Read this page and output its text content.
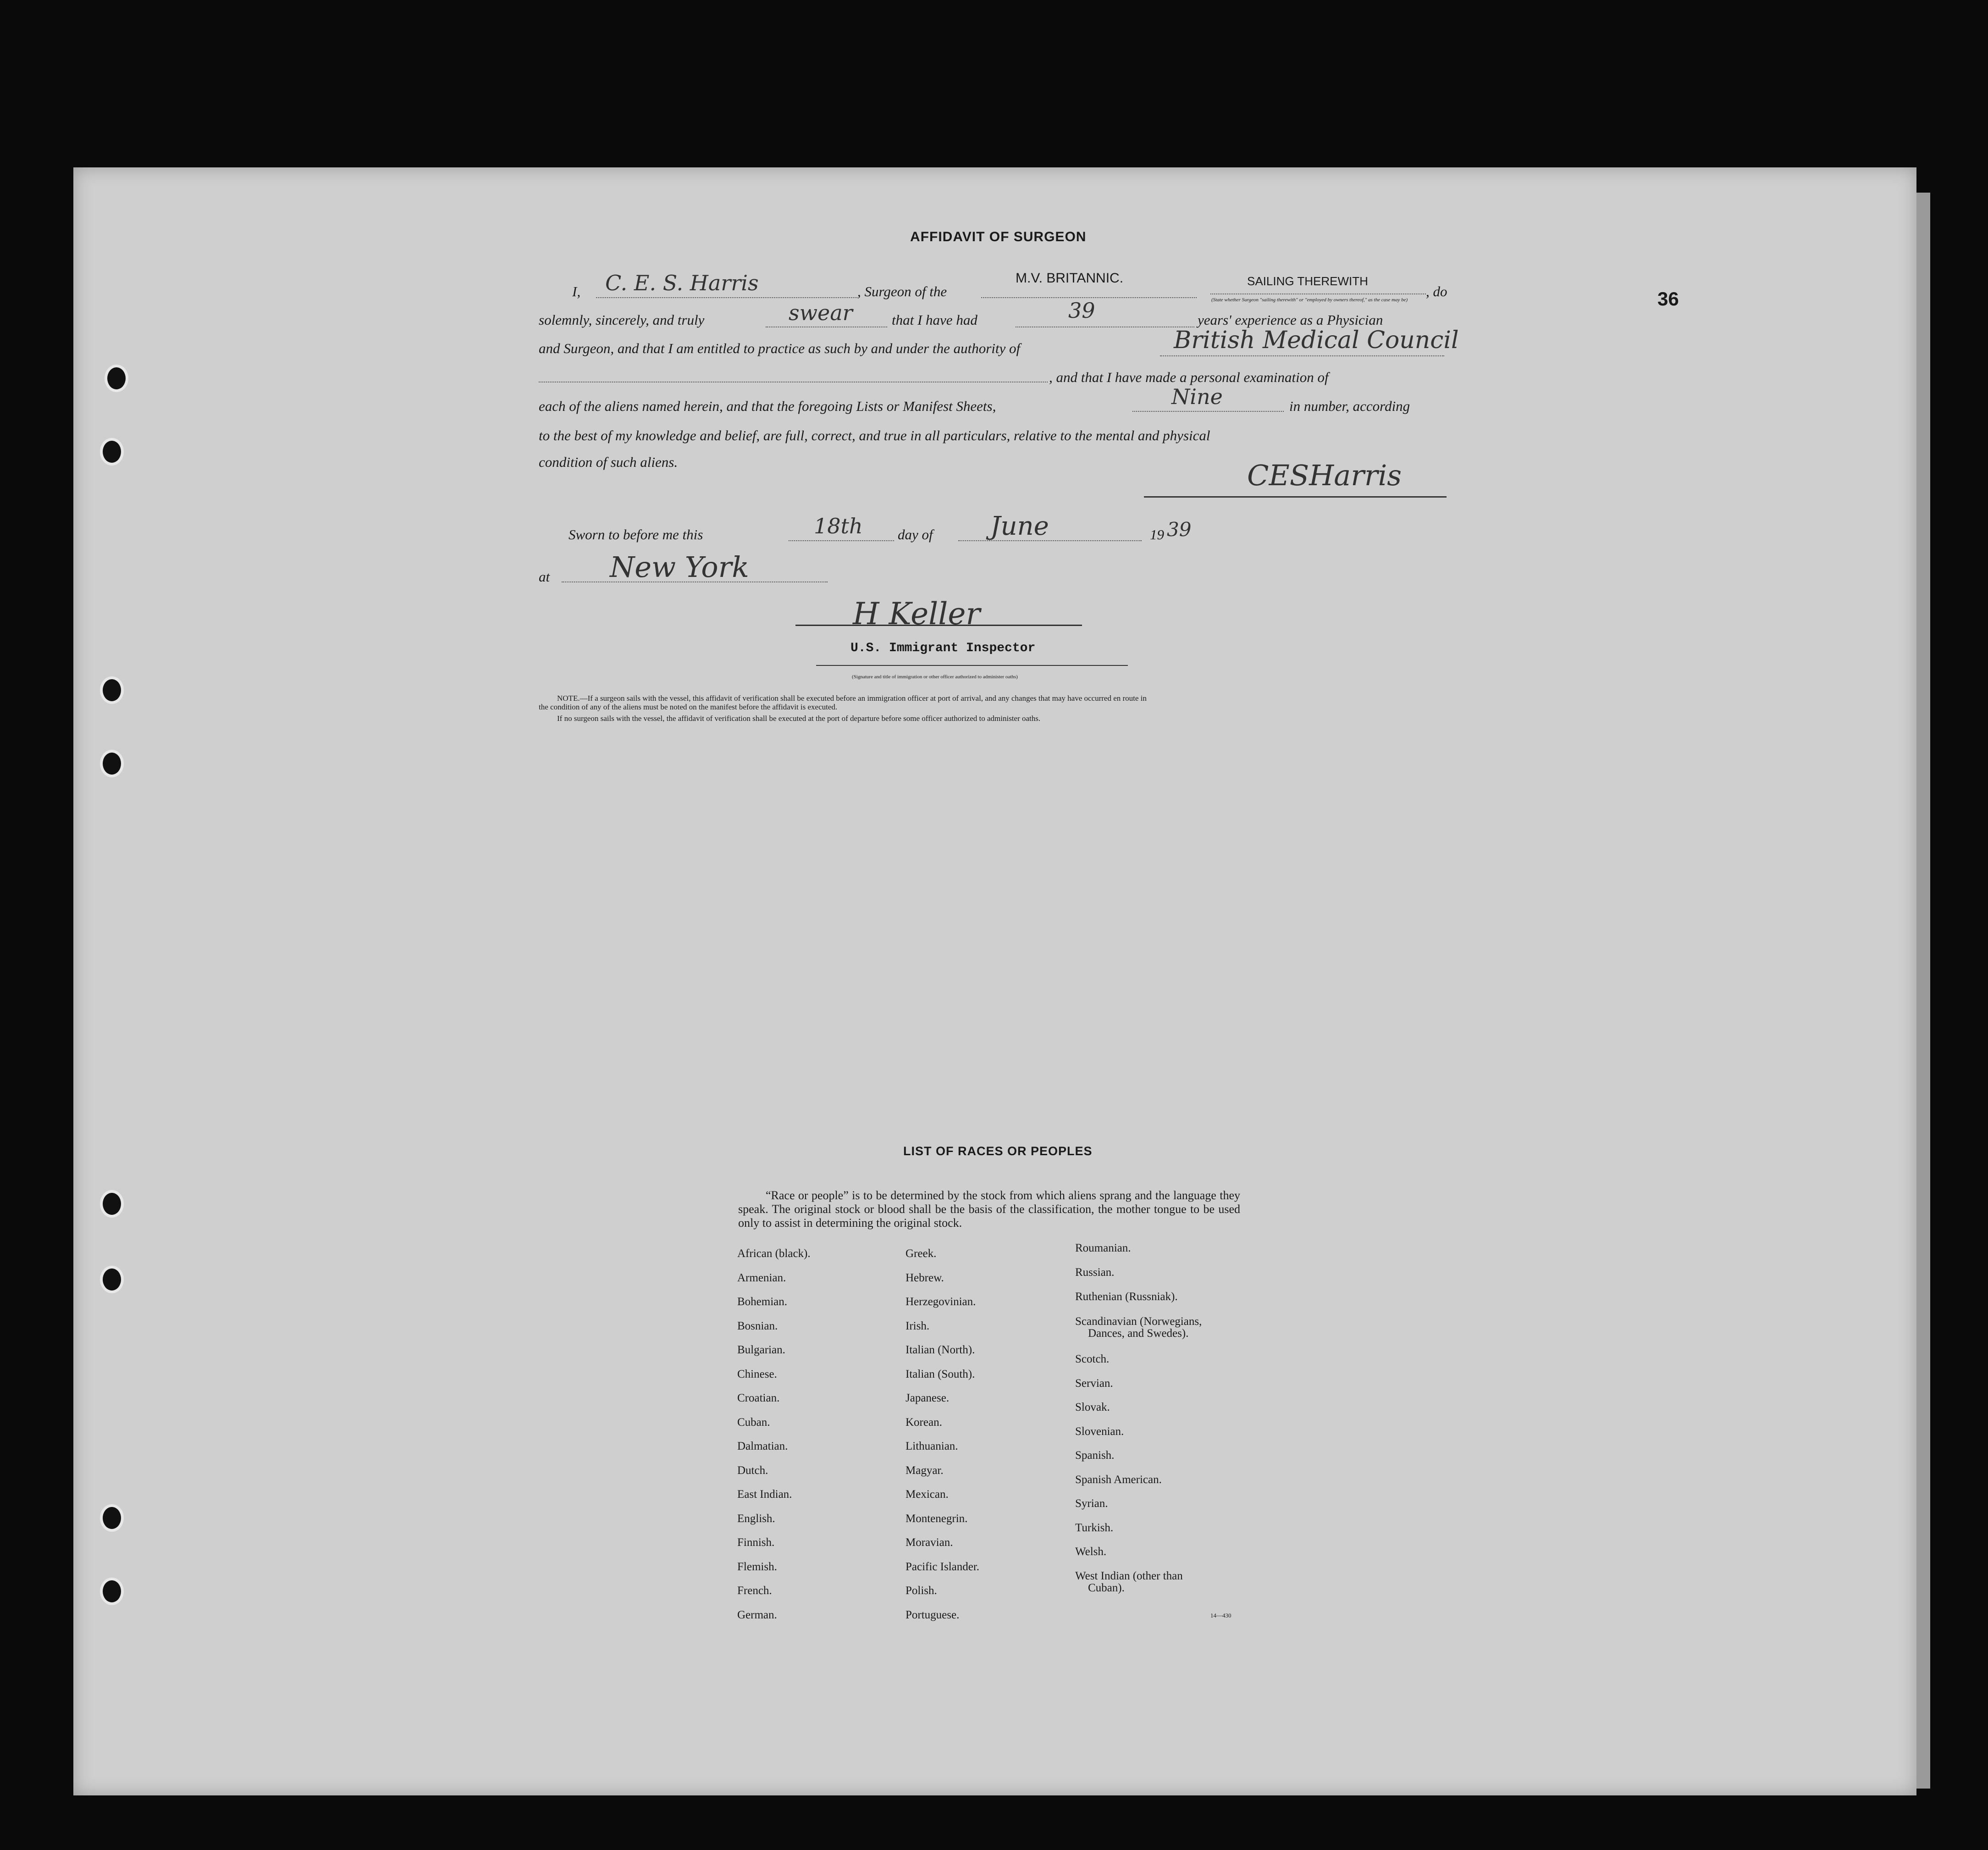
36
AFFIDAVIT OF SURGEON
I, C. E. S. Harris	, Surgeon of the
M.V. BRITANNIC.	SAILING THEREWITH
(State whether Surgeon "sailing therewith" or "employed by owners thereof," as the case may be)
, do
solemnly, sincerely, and truly	swear	that I have had	39	years' experience as a Physician
and Surgeon, and that I am entitled to practice as such by and under the authority of	British Medical Council
, and that I have made a personal examination of
each of the aliens named herein, and that the foregoing Lists or Manifest Sheets,	Nine	in number, according
to the best of my knowledge and belief, are full, correct, and true in all particulars, relative to the mental and physical
condition of such aliens.	CESHarris
Sworn to before me this	18th day of June	19 39
at New York
H Keller
U.S. Immigrant Inspector
(Signature and title of immigration or other officer authorized to administer oaths)
NOTE.—If a surgeon sails with the vessel, this affidavit of verification shall be executed before an immigration officer at port of arrival, and any changes that may have occurred en route in
the condition of any of the aliens must be noted on the manifest before the affidavit is executed.
If no surgeon sails with the vessel, the affidavit of verification shall be executed at the port of departure before some officer authorized to administer oaths.
LIST OF RACES OR PEOPLES
“Race or people” is to be determined by the stock from which aliens sprang and the language they speak. The original stock or blood shall be the basis of the classification, the mother tongue to be used only to assist in determining the original stock.
African (black).
Armenian.
Bohemian.
Bosnian.
Bulgarian.
Chinese.
Croatian.
Cuban.
Dalmatian.
Dutch.
East Indian.
English.
Finnish.
Flemish.
French.
German.
Greek.
Hebrew.
Herzegovinian.
Irish.
Italian (North).
Italian (South).
Japanese.
Korean.
Lithuanian.
Magyar.
Mexican.
Montenegrin.
Moravian.
Pacific Islander.
Polish.
Portuguese.
Roumanian.
Russian.
Ruthenian (Russniak).
Scandinavian (Norwegians,
Dances, and Swedes).
Scotch.
Servian.
Slovak.
Slovenian.
Spanish.
Spanish American.
Syrian.
Turkish.
Welsh.
West Indian (other than
Cuban).
14—430
